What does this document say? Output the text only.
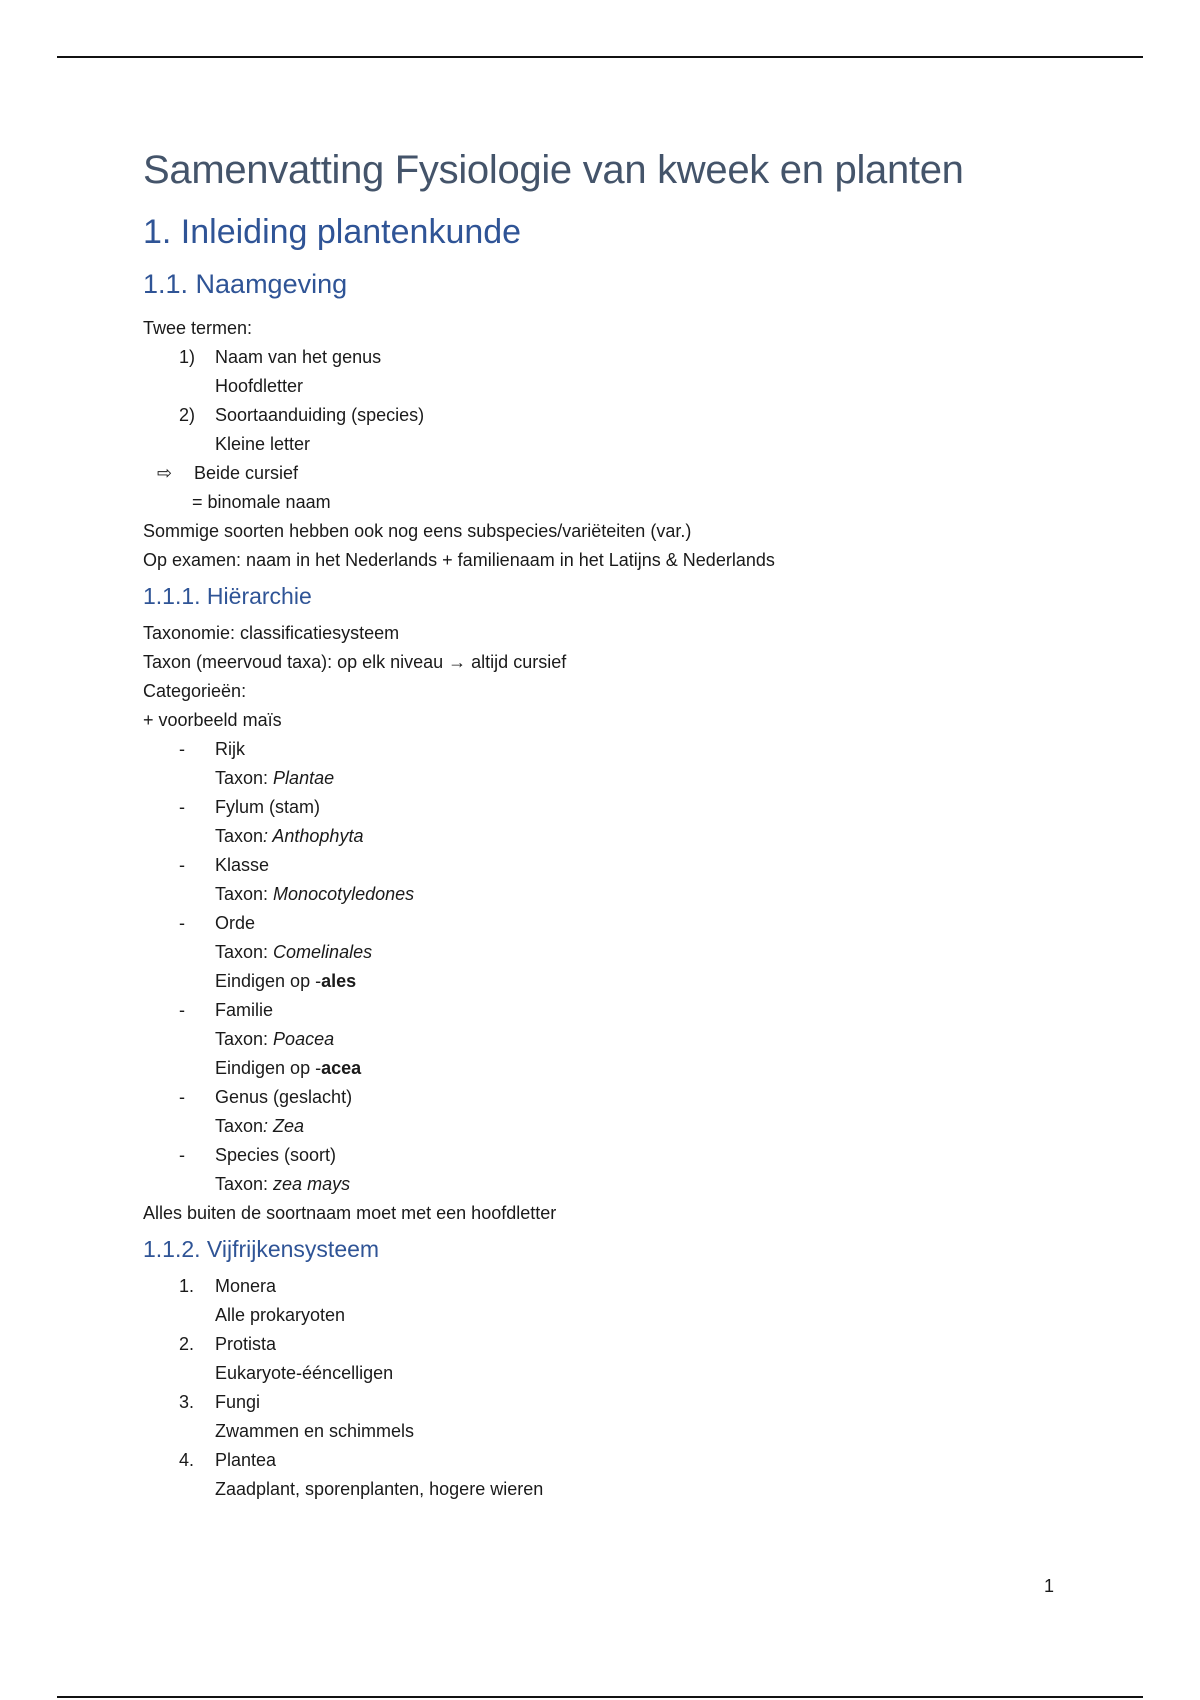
Samenvatting Fysiologie van kweek en planten
1. Inleiding plantenkunde
1.1. Naamgeving

Twee termen:

1) Naam van het genus
Hoofdletter
2) Soortaanduiding (species)
Kleine letter
⇨ Beide cursief
= binomale naam

Sommige soorten hebben ook nog eens subspecies/variëteiten (var.)

Op examen: naam in het Nederlands + familienaam in het Latijns & Nederlands

1.1.1. Hiërarchie

Taxonomie: classificatiesysteem

Taxon (meervoud taxa): op elk niveau → altijd cursief

Categorieën:

+ voorbeeld maïs

- Rijk
Taxon: Plantae
- Fylum (stam)
Taxon: Anthophyta
- Klasse
Taxon: Monocotyledones
- Orde
Taxon: Comelinales
Eindigen op -ales
- Familie
Taxon: Poacea
Eindigen op -acea
- Genus (geslacht)
Taxon: Zea
- Species (soort)
Taxon: zea mays

Alles buiten de soortnaam moet met een hoofdletter

1.1.2. Vijfrijkensysteem
1. Monera
Alle prokaryoten
2. Protista
Eukaryote-ééncelligen
3. Fungi
Zwammen en schimmels
4. Plantea
Zaadplant, sporenplanten, hogere wieren
1
